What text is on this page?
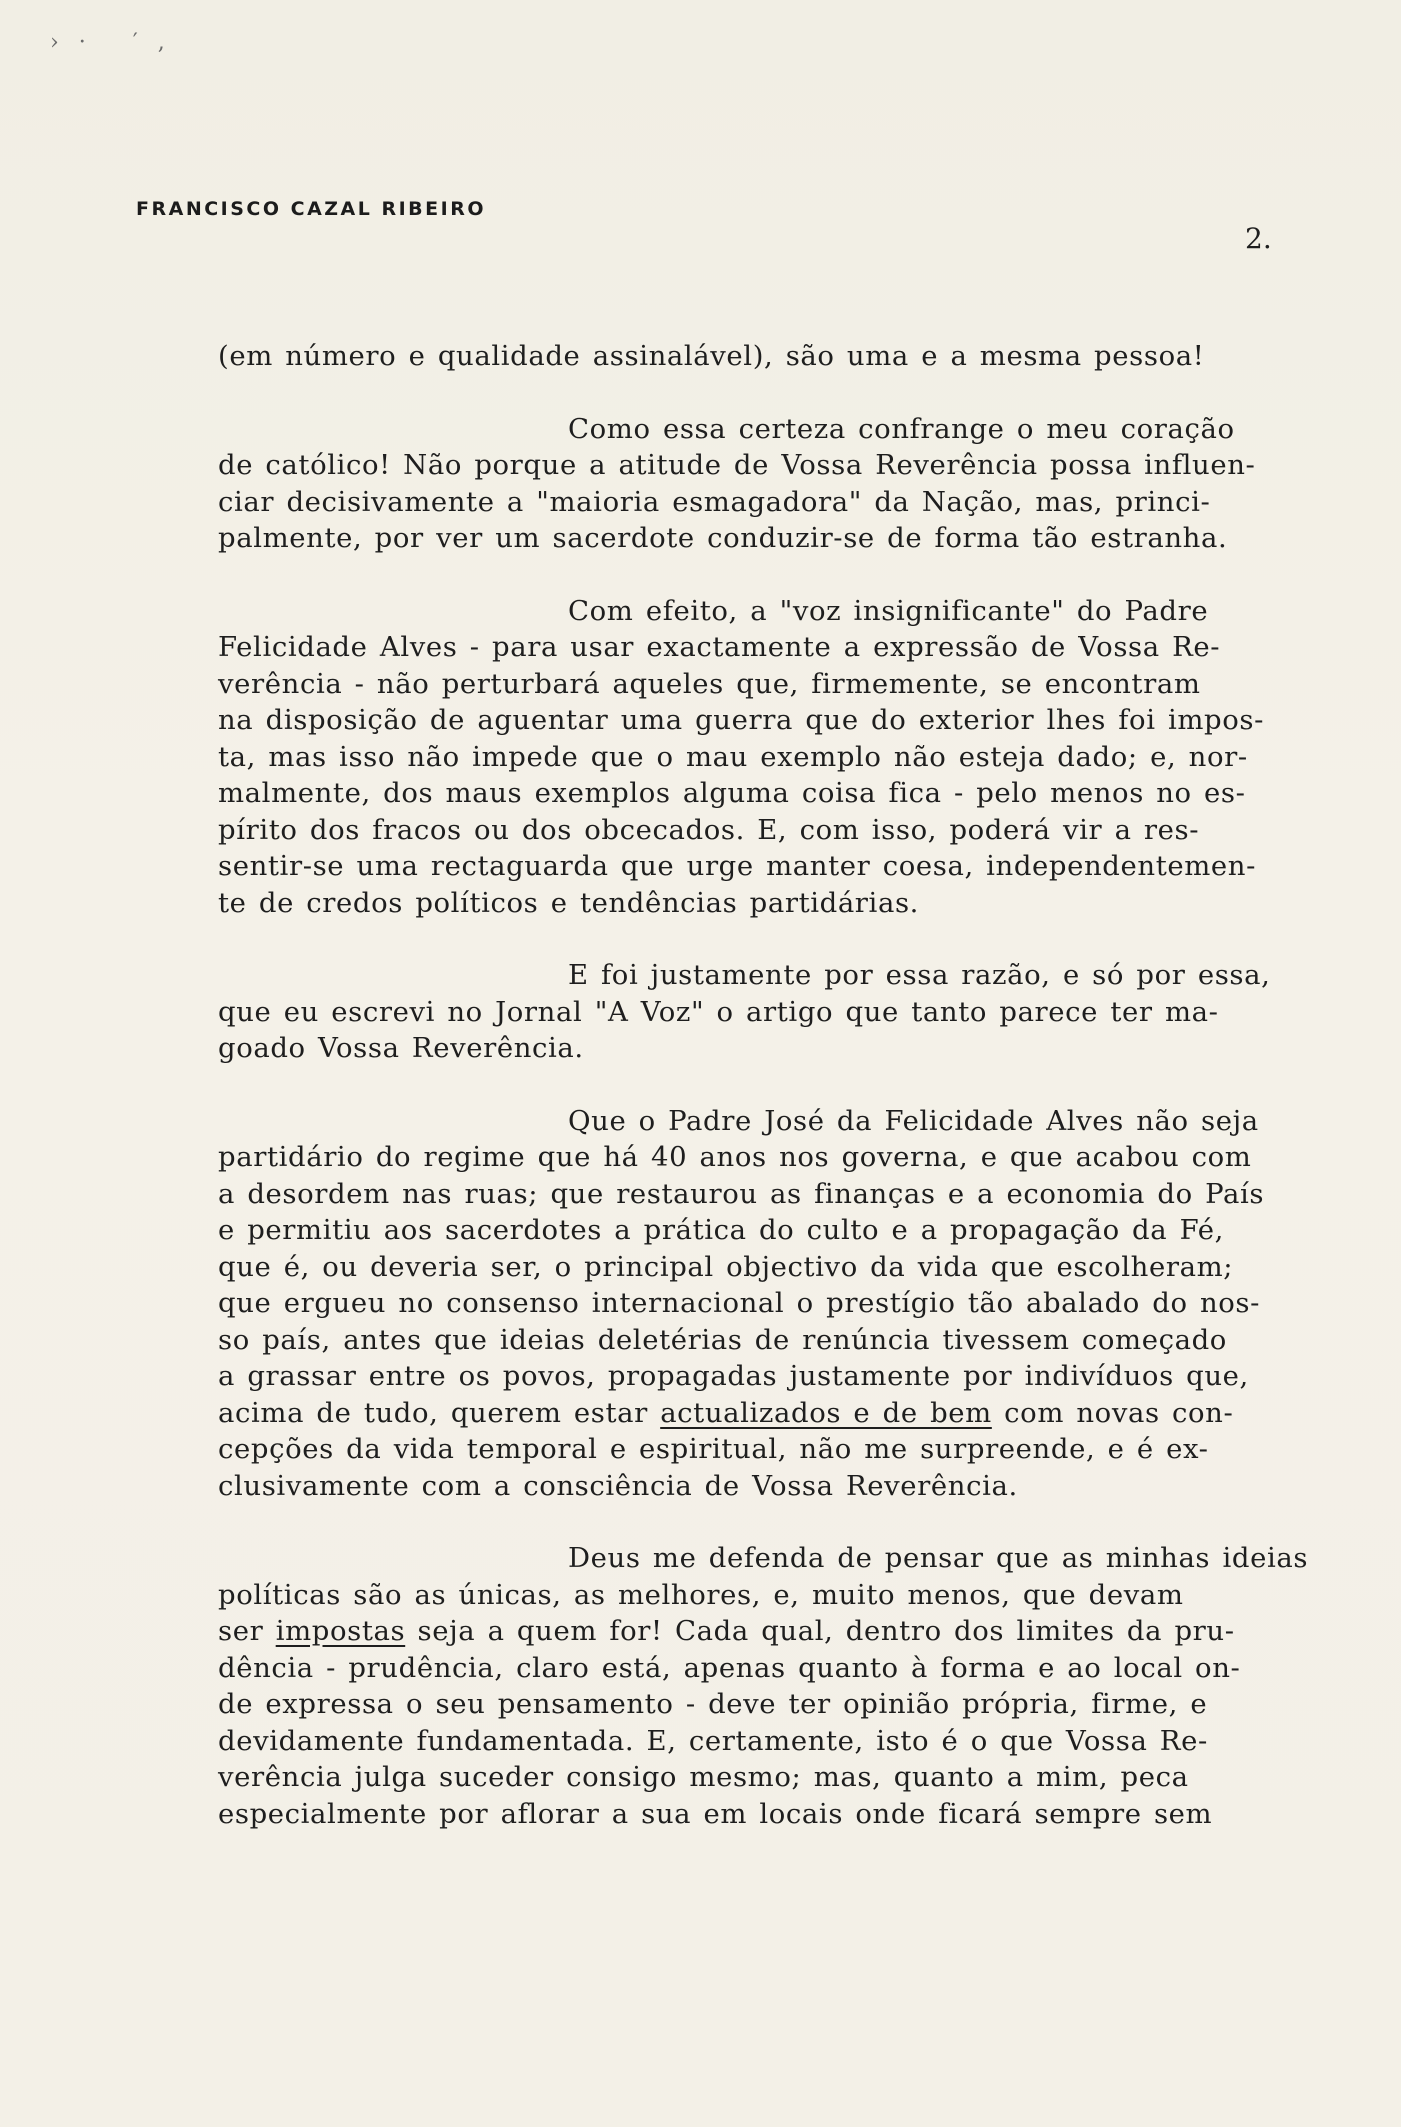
›· ′,
FRANCISCO CAZAL RIBEIRO
2.
(em número e qualidade assinalável), são uma e a mesma pessoa!
Como essa certeza confrange o meu coração
de católico! Não porque a atitude de Vossa Reverência possa influen-
ciar decisivamente a "maioria esmagadora" da Nação, mas, princi-
palmente, por ver um sacerdote conduzir-se de forma tão estranha.
Com efeito, a "voz insignificante" do Padre
Felicidade Alves - para usar exactamente a expressão de Vossa Re-
verência - não perturbará aqueles que, firmemente, se encontram
na disposição de aguentar uma guerra que do exterior lhes foi impos-
ta, mas isso não impede que o mau exemplo não esteja dado; e, nor-
malmente, dos maus exemplos alguma coisa fica - pelo menos no es-
pírito dos fracos ou dos obcecados. E, com isso, poderá vir a res-
sentir-se uma rectaguarda que urge manter coesa, independentemen-
te de credos políticos e tendências partidárias.
E foi justamente por essa razão, e só por essa,
que eu escrevi no Jornal "A Voz" o artigo que tanto parece ter ma-
goado Vossa Reverência.
Que o Padre José da Felicidade Alves não seja
partidário do regime que há 40 anos nos governa, e que acabou com
a desordem nas ruas; que restaurou as finanças e a economia do País
e permitiu aos sacerdotes a prática do culto e a propagação da Fé,
que é, ou deveria ser, o principal objectivo da vida que escolheram;
que ergueu no consenso internacional o prestígio tão abalado do nos-
so país, antes que ideias deletérias de renúncia tivessem começado
a grassar entre os povos, propagadas justamente por indivíduos que,
acima de tudo, querem estar actualizados e de bem com novas con-
cepções da vida temporal e espiritual, não me surpreende, e é ex-
clusivamente com a consciência de Vossa Reverência.
Deus me defenda de pensar que as minhas ideias
políticas são as únicas, as melhores, e, muito menos, que devam
ser impostas seja a quem for! Cada qual, dentro dos limites da pru-
dência - prudência, claro está, apenas quanto à forma e ao local on-
de expressa o seu pensamento - deve ter opinião própria, firme, e
devidamente fundamentada. E, certamente, isto é o que Vossa Re-
verência julga suceder consigo mesmo; mas, quanto a mim, peca
especialmente por aflorar a sua em locais onde ficará sempre sem
